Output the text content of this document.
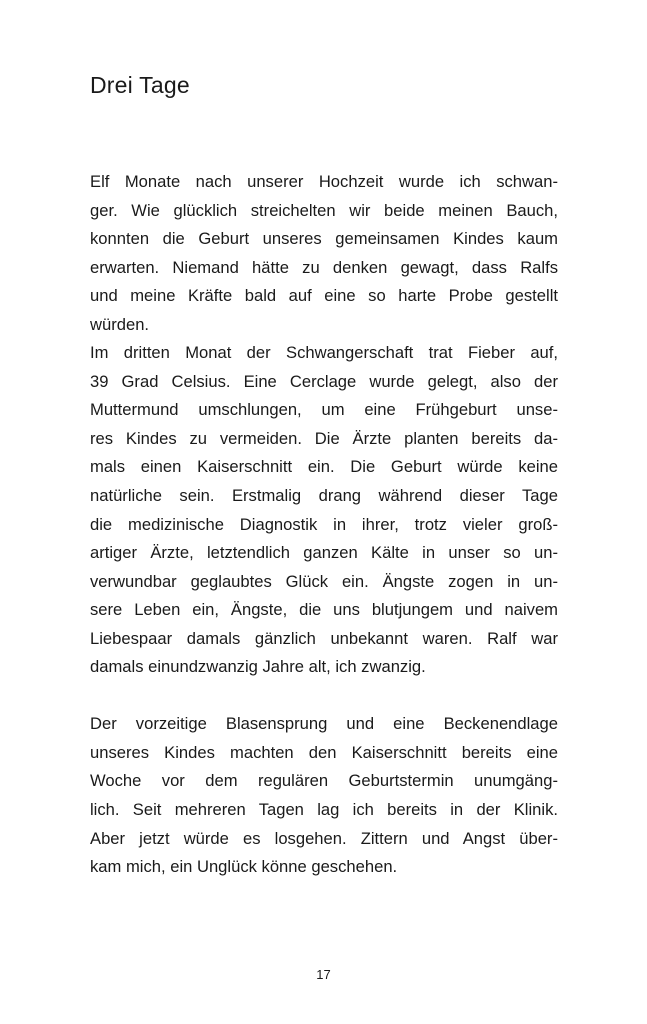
Drei Tage
Elf Monate nach unserer Hochzeit wurde ich schwan-
ger. Wie glücklich streichelten wir beide meinen Bauch,
konnten die Geburt unseres gemeinsamen Kindes kaum
erwarten. Niemand hätte zu denken gewagt, dass Ralfs
und meine Kräfte bald auf eine so harte Probe gestellt
würden.
Im dritten Monat der Schwangerschaft trat Fieber auf,
39 Grad Celsius. Eine Cerclage wurde gelegt, also der
Muttermund umschlungen, um eine Frühgeburt unse-
res Kindes zu vermeiden. Die Ärzte planten bereits da-
mals einen Kaiserschnitt ein. Die Geburt würde keine
natürliche sein. Erstmalig drang während dieser Tage
die medizinische Diagnostik in ihrer, trotz vieler groß-
artiger Ärzte, letztendlich ganzen Kälte in unser so un-
verwundbar geglaubtes Glück ein. Ängste zogen in un-
sere Leben ein, Ängste, die uns blutjungem und naivem
Liebespaar damals gänzlich unbekannt waren. Ralf war
damals einundzwanzig Jahre alt, ich zwanzig.
Der vorzeitige Blasensprung und eine Beckenendlage
unseres Kindes machten den Kaiserschnitt bereits eine
Woche vor dem regulären Geburtstermin unumgäng-
lich. Seit mehreren Tagen lag ich bereits in der Klinik.
Aber jetzt würde es losgehen. Zittern und Angst über-
kam mich, ein Unglück könne geschehen.
17
